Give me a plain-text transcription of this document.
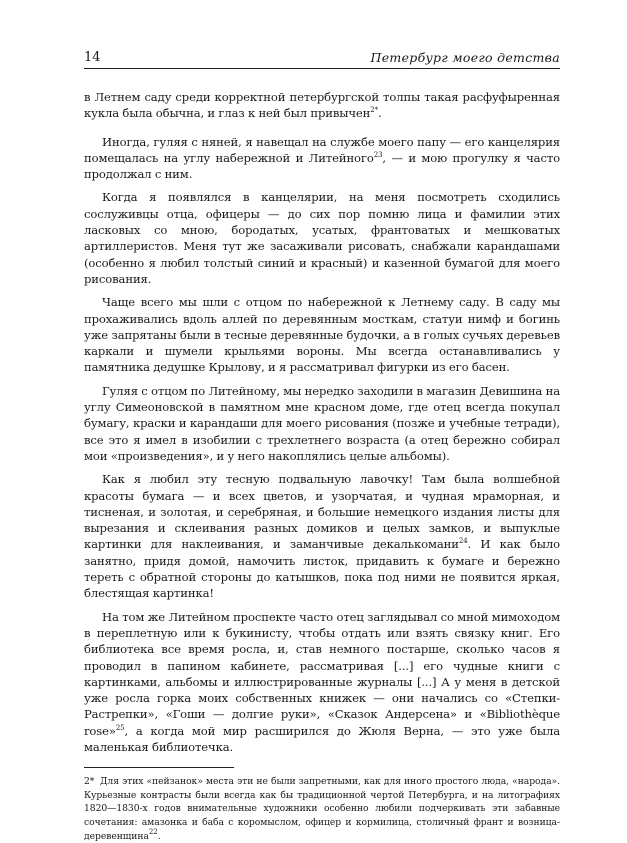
14	Петербург моего детства

в Летнем саду среди корректной петербургской толпы такая расфуфыренная кукла была обычна, и глаз к ней был привычен$^{2*}$.

Иногда, гуляя с няней, я навещал на службе моего папу — его канцелярия помещалась на углу набережной и Литейного$^{23}$, — и мою прогулку я часто продолжал с ним.

Когда я появлялся в канцелярии, на меня посмотреть сходились сослуживцы отца, офицеры — до сих пор помню лица и фамилии этих ласковых со мною, бородатых, усатых, франтоватых и мешковатых артиллеристов. Меня тут же засаживали рисовать, снабжали карандашами (особенно я любил толстый синий и красный) и казенной бумагой для моего рисования.

Чаще всего мы шли с отцом по набережной к Летнему саду. В саду мы прохаживались вдоль аллей по деревянным мосткам, статуи нимф и богинь уже запрятаны были в тесные деревянные будочки, а в голых сучьях деревьев каркали и шумели крыльями вороны. Мы всегда останавливались у памятника дедушке Крылову, и я рассматривал фигурки из его басен.

Гуляя с отцом по Литейному, мы нередко заходили в магазин Девишина на углу Симеоновской в памятном мне красном доме, где отец всегда покупал бумагу, краски и карандаши для моего рисования (позже и учебные тетради), все это я имел в изобилии с трехлетнего возраста (а отец бережно собирал мои «произведения», и у него накоплялись целые альбомы).

Как я любил эту тесную подвальную лавочку! Там была волшебной красоты бумага — и всех цветов, и узорчатая, и чудная мраморная, и тисненая, и золотая, и серебряная, и большие немецкого издания листы для вырезания и склеивания разных домиков и целых замков, и выпуклые картинки для наклеивания, и заманчивые декалькомани$^{24}$. И как было занятно, придя домой, намочить листок, придавить к бумаге и бережно тереть с обратной стороны до катышков, пока под ними не появится яркая, блестящая картинка!

На том же Литейном проспекте часто отец заглядывал со мной мимоходом в переплетную или к букинисту, чтобы отдать или взять связку книг. Его библиотека все время росла, и, став немного постарше, сколько часов я проводил в папином кабинете, рассматривая [...] его чудные книги с картинками, альбомы и иллюстрированные журналы [...] А у меня в детской уже росла горка моих собственных книжек — они начались со «Степки-Растрепки», «Гоши — долгие руки», «Сказок Андерсена» и «Bibliothèque rose»$^{25}$, а когда мой мир расширился до Жюля Верна, — это уже была маленькая библиотечка.

2* Для этих «пейзанок» места эти не были запретными, как для иного простого люда, «народа». Курьезные контрасты были всегда как бы традиционной чертой Петербурга, и на литографиях 1820—1830-х годов внимательные художники особенно любили подчеркивать эти забавные сочетания: амазонка и баба с коромыслом, офицер и кормилица, столичный франт и возница-деревенщина$^{22}$.
